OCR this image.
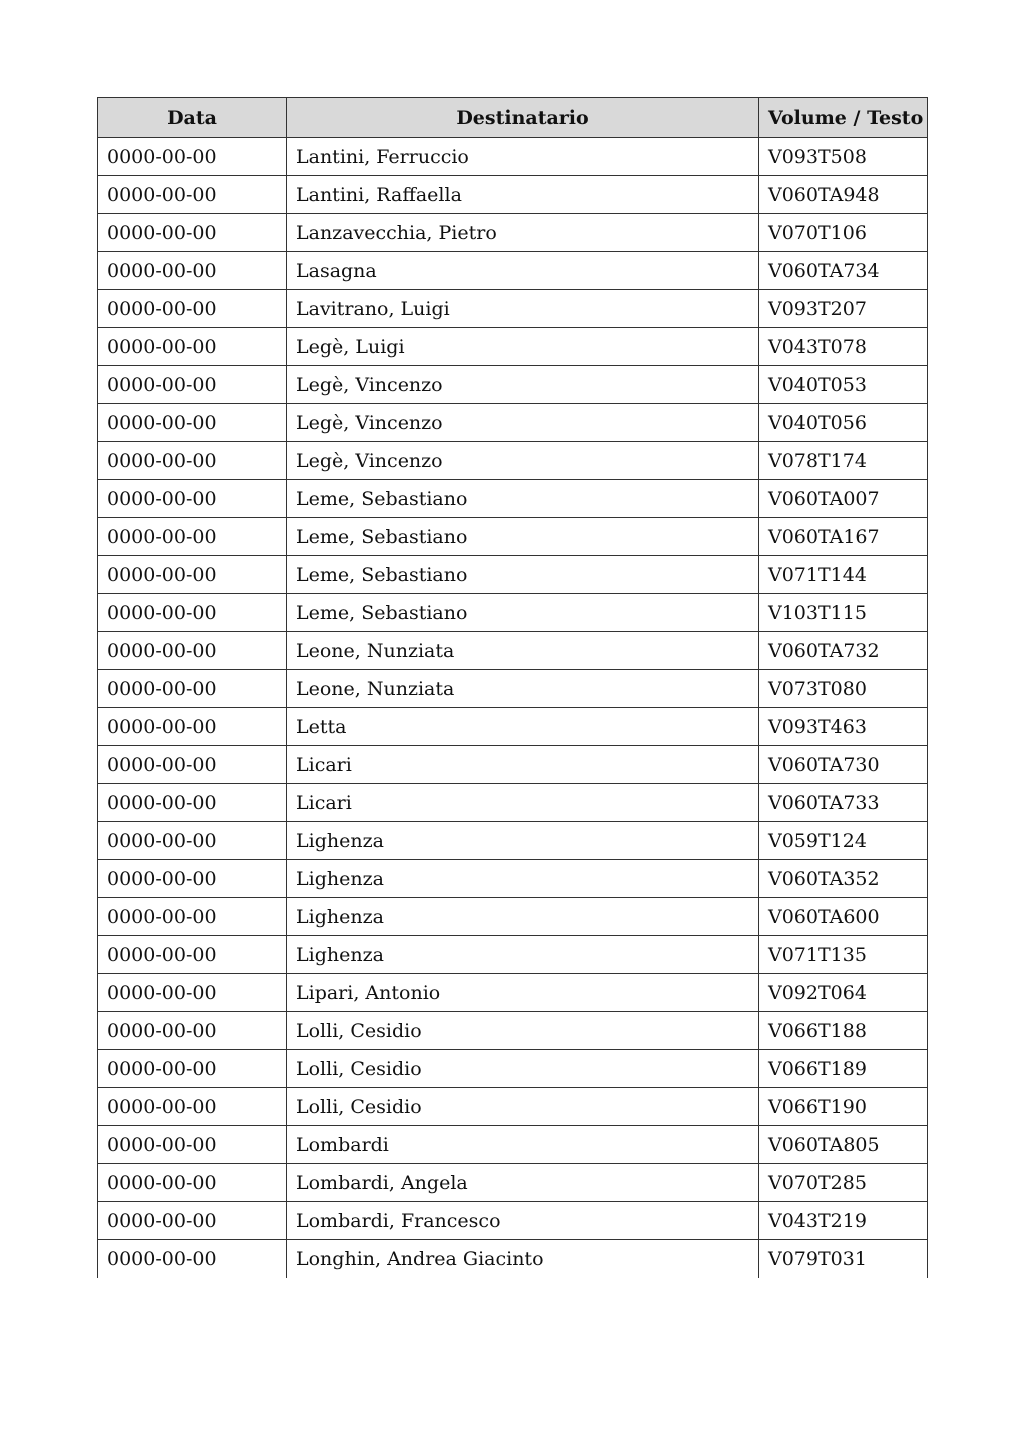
Data	Destinatario	Volume / Testo
0000-00-00	Lantini, Ferruccio	V093T508
0000-00-00	Lantini, Raffaella	V060TA948
0000-00-00	Lanzavecchia, Pietro	V070T106
0000-00-00	Lasagna	V060TA734
0000-00-00	Lavitrano, Luigi	V093T207
0000-00-00	Legè, Luigi	V043T078
0000-00-00	Legè, Vincenzo	V040T053
0000-00-00	Legè, Vincenzo	V040T056
0000-00-00	Legè, Vincenzo	V078T174
0000-00-00	Leme, Sebastiano	V060TA007
0000-00-00	Leme, Sebastiano	V060TA167
0000-00-00	Leme, Sebastiano	V071T144
0000-00-00	Leme, Sebastiano	V103T115
0000-00-00	Leone, Nunziata	V060TA732
0000-00-00	Leone, Nunziata	V073T080
0000-00-00	Letta	V093T463
0000-00-00	Licari	V060TA730
0000-00-00	Licari	V060TA733
0000-00-00	Lighenza	V059T124
0000-00-00	Lighenza	V060TA352
0000-00-00	Lighenza	V060TA600
0000-00-00	Lighenza	V071T135
0000-00-00	Lipari, Antonio	V092T064
0000-00-00	Lolli, Cesidio	V066T188
0000-00-00	Lolli, Cesidio	V066T189
0000-00-00	Lolli, Cesidio	V066T190
0000-00-00	Lombardi	V060TA805
0000-00-00	Lombardi, Angela	V070T285
0000-00-00	Lombardi, Francesco	V043T219
0000-00-00	Longhin, Andrea Giacinto	V079T031
